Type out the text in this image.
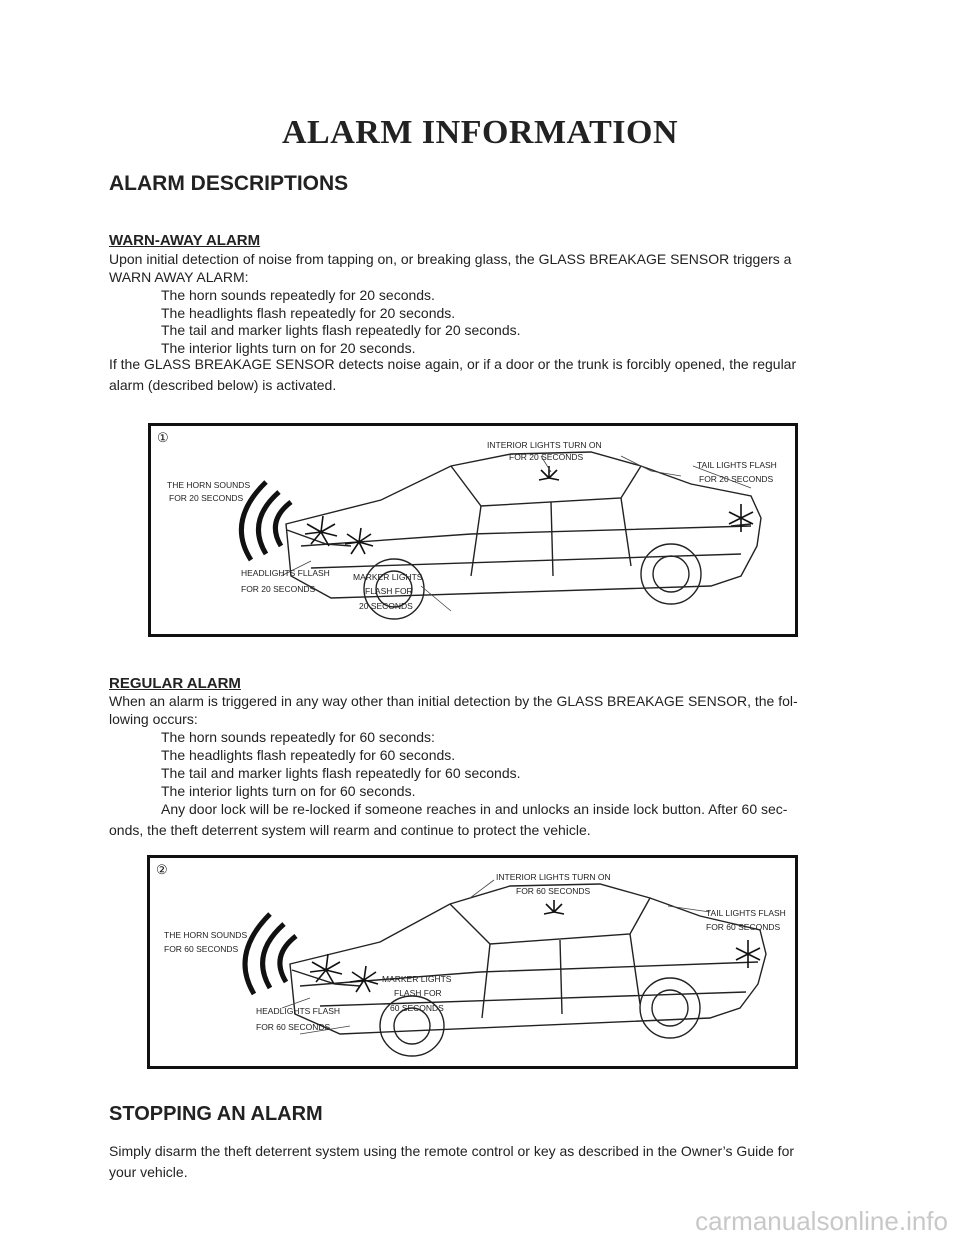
ALARM INFORMATION
ALARM DESCRIPTIONS
WARN-AWAY ALARM
Upon initial detection of noise from tapping on, or breaking glass, the GLASS BREAKAGE SENSOR triggers a
WARN AWAY ALARM:
The horn sounds repeatedly for 20 seconds.
The headlights flash repeatedly for 20 seconds.
The tail and marker lights flash repeatedly for 20 seconds.
The interior lights turn on for 20 seconds.
If the GLASS BREAKAGE SENSOR detects noise again, or if a door or the trunk is forcibly opened, the regular
alarm (described below) is activated.
①	INTERIOR LIGHTS TURN ON
FOR 20 SECONDS
TAIL LIGHTS FLASH
FOR 20 SECONDS
THE HORN SOUNDS
FOR 20 SECONDS
HEADLIGHTS FLLASH
FOR 20 SECONDS
MARKER LIGHTS
FLASH FOR
20 SECONDS
REGULAR ALARM
When an alarm is triggered in any way other than initial detection by the GLASS BREAKAGE SENSOR, the fol-
lowing occurs:
The horn sounds repeatedly for 60 seconds:
The headlights flash repeatedly for 60 seconds.
The tail and marker lights flash repeatedly for 60 seconds.
The interior lights turn on for 60 seconds.
Any door lock will be re-locked if someone reaches in and unlocks an inside lock button. After 60 sec-
onds, the theft deterrent system will rearm and continue to protect the vehicle.
②	INTERIOR LIGHTS TURN ON
FOR 60 SECONDS
TAIL LIGHTS FLASH
FOR 60 SECONDS
THE HORN SOUNDS
FOR 60 SECONDS
HEADLIGHTS FLASH
FOR 60 SECONDS
MARKER LIGHTS
FLASH FOR
60 SECONDS
STOPPING AN ALARM
Simply disarm the theft deterrent system using the remote control or key as described in the Owner’s Guide for
your vehicle.
carmanualsonline.info
